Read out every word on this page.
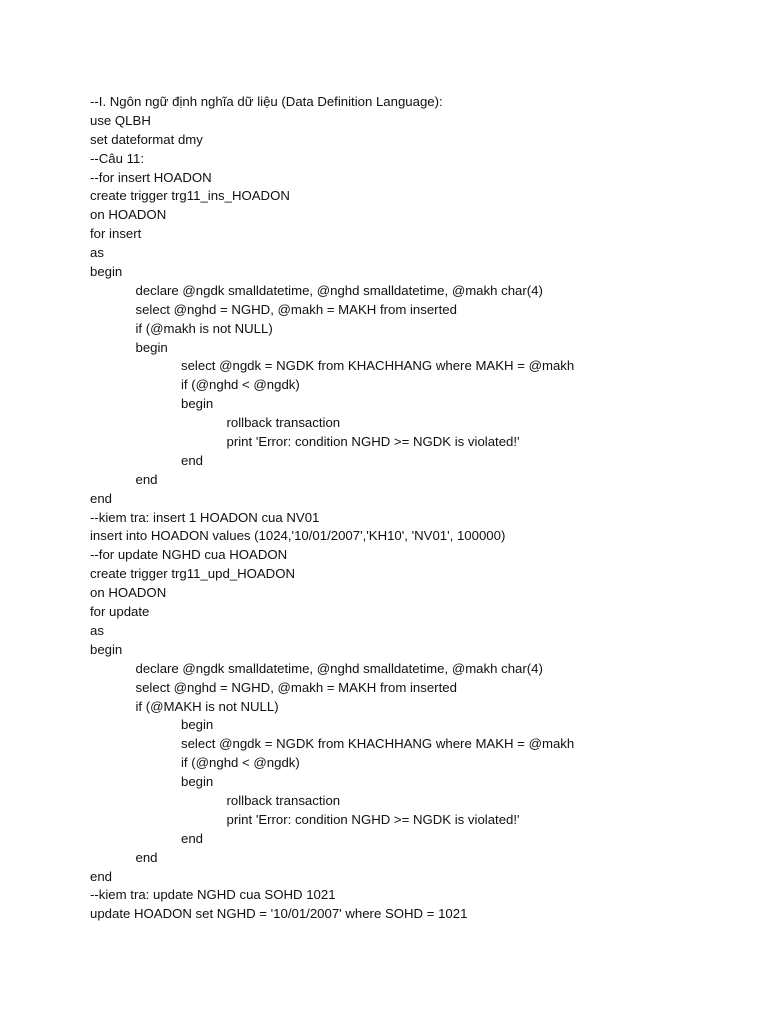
--I. Ngôn ngữ định nghĩa dữ liệu (Data Definition Language):
use QLBH
set dateformat dmy
--Câu 11:
--for insert HOADON
create trigger trg11_ins_HOADON
on HOADON
for insert
as
begin
declare @ngdk smalldatetime, @nghd smalldatetime, @makh char(4)
select @nghd = NGHD, @makh = MAKH from inserted
if (@makh is not NULL)
begin
select @ngdk = NGDK from KHACHHANG where MAKH = @makh
if (@nghd < @ngdk)
begin
rollback transaction
print 'Error: condition NGHD >= NGDK is violated!'
end
end
end
--kiem tra: insert 1 HOADON cua NV01
insert into HOADON values (1024,'10/01/2007','KH10', 'NV01', 100000)
--for update NGHD cua HOADON
create trigger trg11_upd_HOADON
on HOADON
for update
as
begin
declare @ngdk smalldatetime, @nghd smalldatetime, @makh char(4)
select @nghd = NGHD, @makh = MAKH from inserted
if (@MAKH is not NULL)
begin
select @ngdk = NGDK from KHACHHANG where MAKH = @makh
if (@nghd < @ngdk)
begin
rollback transaction
print 'Error: condition NGHD >= NGDK is violated!'
end
end
end
--kiem tra: update NGHD cua SOHD 1021
update HOADON set NGHD = '10/01/2007' where SOHD = 1021
